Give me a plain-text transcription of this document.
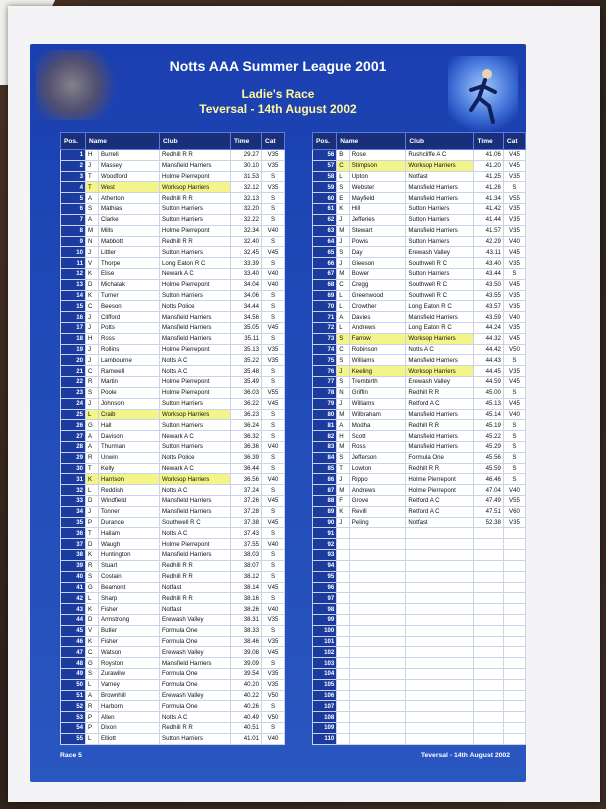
Notts AAA Summer League 2001
Ladie's Race
Teversal - 14th August 2002
Pos.	Name		Club	Time	Cat
1	H	Burrell	Redhill R R	29.27	V35
2	J	Massey	Mansfield Harriers	30.10	V35
3	T	Woodford	Holme Pierrepont	31.53	S
4	T	West	Worksop Harriers	32.12	V35
5	A	Atherton	Redhill R R	32.13	S
6	S	Mathias	Sutton Harriers	32.20	S
7	A	Clarke	Sutton Harriers	32.22	S
8	M	Mills	Holme Pierrepont	32.34	V40
9	N	Mabbott	Redhill R R	32.40	S
10	J	Littler	Sutton Harriers	32.45	V45
11	V	Thorpe	Long Eaton R C	33.39	S
12	K	Elise	Newark A C	33.40	V40
13	D	Michalak	Holme Pierrepont	34.04	V40
14	K	Turner	Sutton Harriers	34.06	S
15	C	Beeson	Notts Police	34.44	S
16	J	Clifford	Mansfield Harriers	34.56	S
17	J	Potts	Mansfield Harriers	35.05	V45
18	H	Ross	Mansfield Harriers	35.11	S
19	J	Rollins	Holme Pierrepont	35.13	V35
20	J	Lambourne	Notts A C	35.22	V35
21	C	Ramwell	Notts A C	35.48	S
22	R	Martin	Holme Pierrepont	35.49	S
23	S	Poole	Holme Pierrepont	36.03	V55
24	J	Johnson	Sutton Harriers	36.22	V45
25	L	Craib	Worksop Harriers	36.23	S
26	G	Hall	Sutton Harriers	36.24	S
27	A	Davison	Newark A C	36.32	S
28	A	Thurman	Sutton Harriers	36.36	V40
29	R	Unwin	Notts Police	36.39	S
30	T	Kelly	Newark A C	36.44	S
31	K	Harrison	Worksop Harriers	36.56	V40
32	L	Reddish	Notts A C	37.24	S
33	D	Windfield	Mansfield Harriers	37.26	V45
34	J	Tonner	Mansfield Harriers	37.28	S
35	P	Durance	Southwell R C	37.38	V45
36	T	Hallam	Notts A C	37.43	S
37	D	Waugh	Holme Pierrepont	37.55	V40
38	K	Huntington	Mansfield Harriers	38.03	S
39	R	Stuart	Redhill R R	38.07	S
40	S	Costain	Redhill R R	38.12	S
41	G	Beamont	Notfast	38.14	V45
42	L	Sharp	Redhill R R	38.16	S
43	K	Fisher	Notfast	38.26	V40
44	D	Armstrong	Erewash Valley	38.31	V35
45	V	Butler	Formula One	38.33	S
46	K	Fisher	Formula One	38.46	V35
47	C	Watson	Erewash Valley	39.08	V45
48	G	Royston	Mansfield Harriers	39.09	S
49	S	Zurawliw	Formula One	39.54	V35
50	L	Varney	Formula One	40.20	V35
51	A	Brownhill	Erewash Valley	40.22	V50
52	R	Harborn	Formula One	40.26	S
53	P	Allen	Notts A C	40.49	V50
54	P	Dixon	Redhill R R	40.51	S
55	L	Elliott	Sutton Harriers	41.01	V40
Pos.	Name		Club	Time	Cat
56	B	Rose	Rushcliffe A C	41.06	V45
57	C	Stimpson	Worksop Harriers	41.20	V45
58	L	Upton	Notfast	41.25	V35
59	S	Webster	Mansfield Harriers	41.26	S
60	E	Mayfield	Mansfield Harriers	41.34	V55
61	K	Hill	Sutton Harriers	41.42	V35
62	J	Jefferies	Sutton Harriers	41.44	V35
63	M	Stewart	Mansfield Harriers	41.57	V35
64	J	Powis	Sutton Harriers	42.29	V40
65	S	Day	Erewash Valley	43.11	V45
66	J	Gleeson	Southwell R C	43.40	V35
67	M	Bower	Sutton Harriers	43.44	S
68	C	Cregg	Southwell R C	43.50	V45
69	L	Greenwood	Southwell R C	43.55	V35
70	L	Crowther	Long Eaton R C	43.57	V35
71	A	Davies	Mansfield Harriers	43.59	V40
72	L	Andrews	Long Eaton R C	44.24	V35
73	S	Farrow	Worksop Harriers	44.32	V45
74	C	Robinson	Notts A C	44.42	V50
75	S	Williams	Mansfield Harriers	44.43	S
76	J	Keeling	Worksop Harriers	44.45	V35
77	S	Trembirth	Erewash Valley	44.59	V45
78	N	Griffin	Redhill R R	45.00	S
79	J	Williams	Retford A C	45.13	V45
80	M	Wilbraham	Mansfield Harriers	45.14	V40
81	A	Modha	Redhill R R	45.19	S
82	H	Scott	Mansfield Harriers	45.22	S
83	M	Ross	Mansfield Harriers	45.29	S
84	S	Jefferson	Formula One	45.56	S
85	T	Lowton	Redhill R R	45.59	S
86	J	Rippo	Holme Pierrepont	46.46	S
87	M	Andrews	Holme Pierrepont	47.04	V40
88	F	Grove	Retford A C	47.49	V55
89	K	Revill	Retford A C	47.51	V60
90	J	Peling	Notfast	52.38	V35
91					
92					
93					
94					
95					
96					
97					
98					
99					
100					
101					
102					
103					
104					
105					
106					
107					
108					
109					
110					
Race 5	Teversal - 14th August 2002
